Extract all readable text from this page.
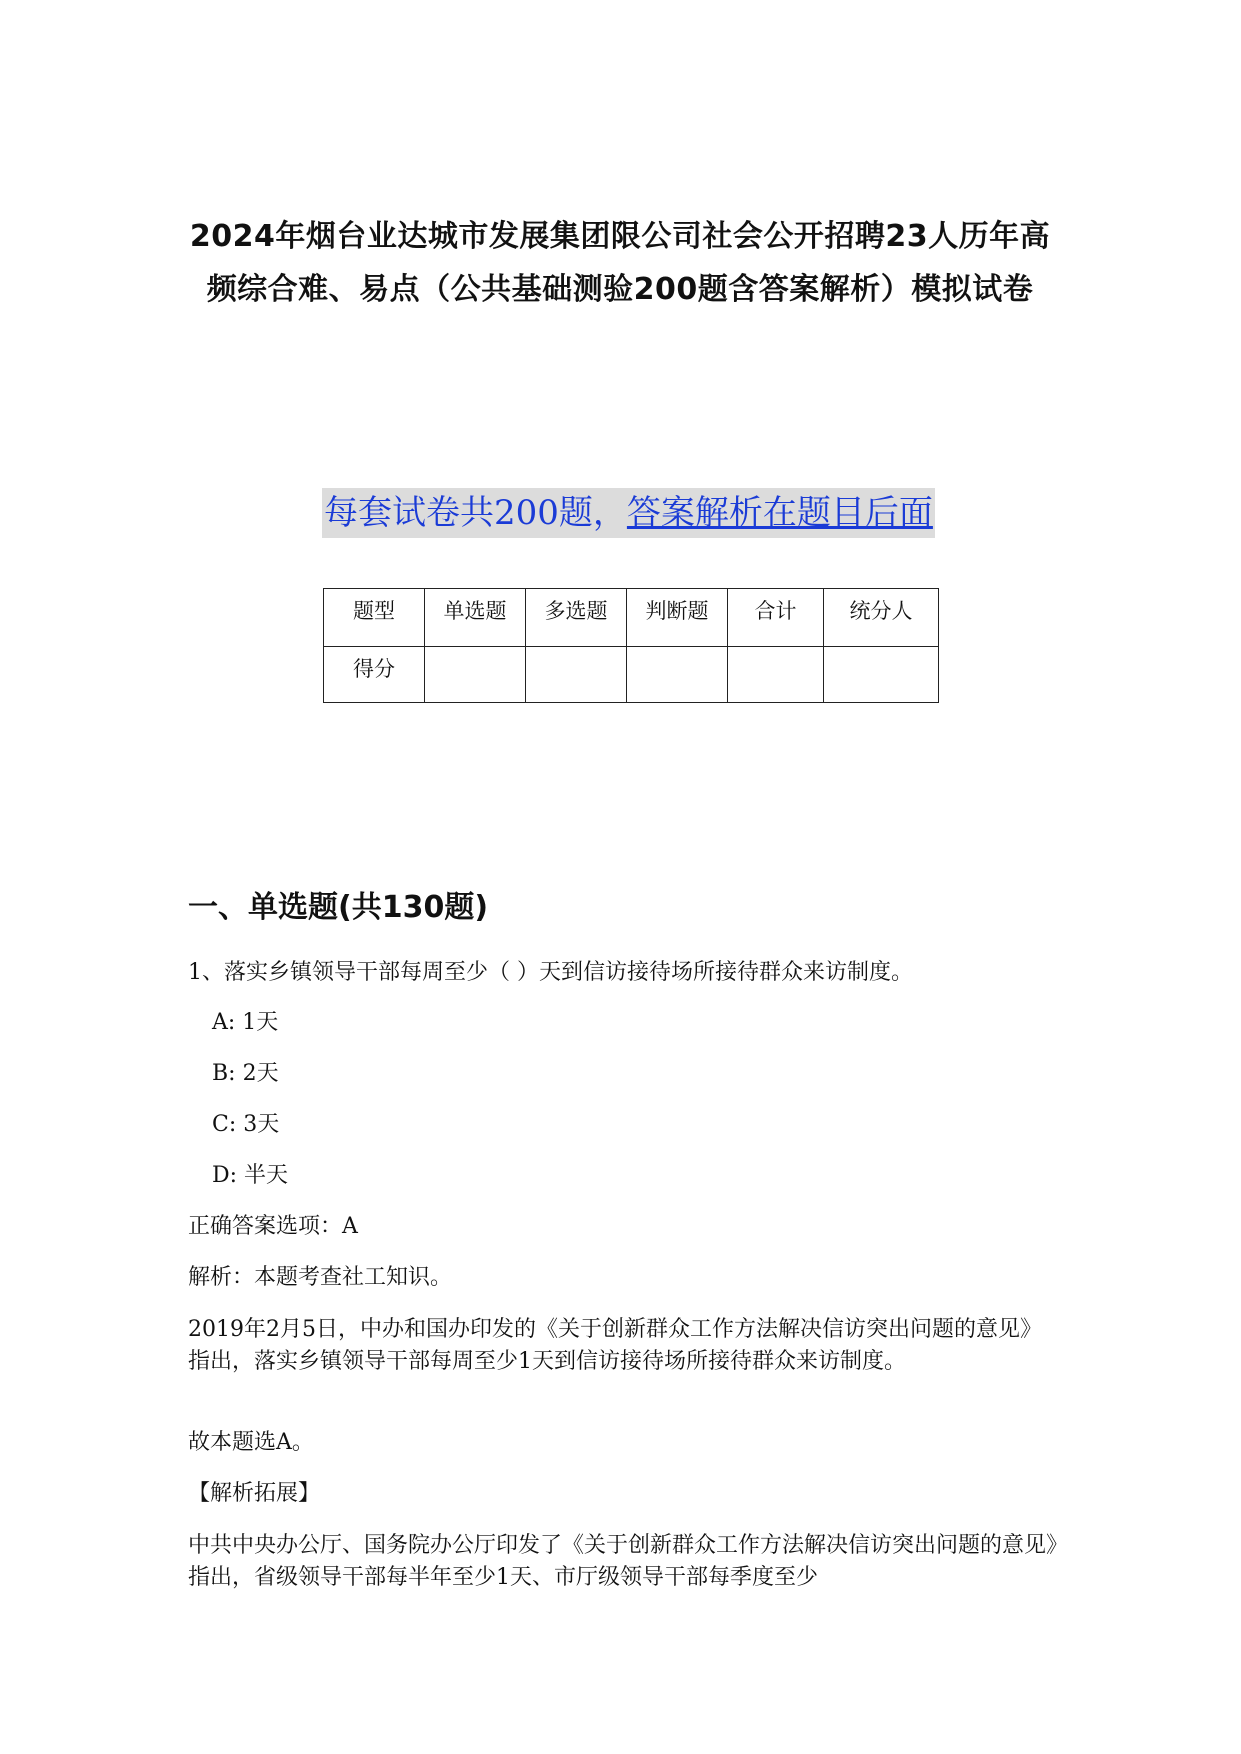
2024年烟台业达城市发展集团限公司社会公开招聘23人历年高频综合难、易点（公共基础测验200题含答案解析）模拟试卷
每套试卷共200题，答案解析在题目后面
题型	单选题	多选题	判断题	合计	统分人
得分					
一、单选题(共130题)
1、落实乡镇领导干部每周至少（ ）天到信访接待场所接待群众来访制度。
A: 1天
B: 2天
C: 3天
D: 半天
正确答案选项：A
解析：本题考查社工知识。
2019年2月5日，中办和国办印发的《关于创新群众工作方法解决信访突出问题的意见》指出，落实乡镇领导干部每周至少1天到信访接待场所接待群众来访制度。
故本题选A。
【解析拓展】
中共中央办公厅、国务院办公厅印发了《关于创新群众工作方法解决信访突出问题的意见》指出，省级领导干部每半年至少1天、市厅级领导干部每季度至少
